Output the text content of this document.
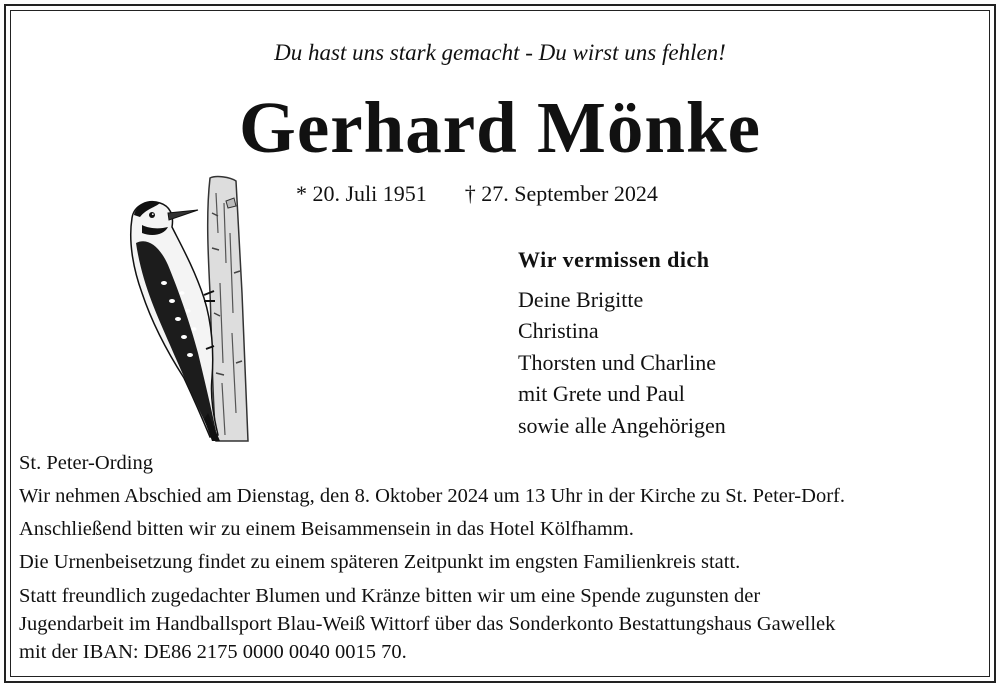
Du hast uns stark gemacht - Du wirst uns fehlen!
Gerhard Mönke
* 20. Juli 1951 † 27. September 2024
Wir vermissen dich
Deine Brigitte
Christina
Thorsten und Charline
mit Grete und Paul
sowie alle Angehörigen
St. Peter-Ording
Wir nehmen Abschied am Dienstag, den 8. Oktober 2024 um 13 Uhr in der Kirche zu St. Peter-Dorf.
Anschließend bitten wir zu einem Beisammensein in das Hotel Kölfhamm.
Die Urnenbeisetzung findet zu einem späteren Zeitpunkt im engsten Familienkreis statt.
Statt freundlich zugedachter Blumen und Kränze bitten wir um eine Spende zugunsten der
Jugendarbeit im Handballsport Blau-Weiß Wittorf über das Sonderkonto Bestattungshaus Gawellek
mit der IBAN: DE86 2175 0000 0040 0015 70.
